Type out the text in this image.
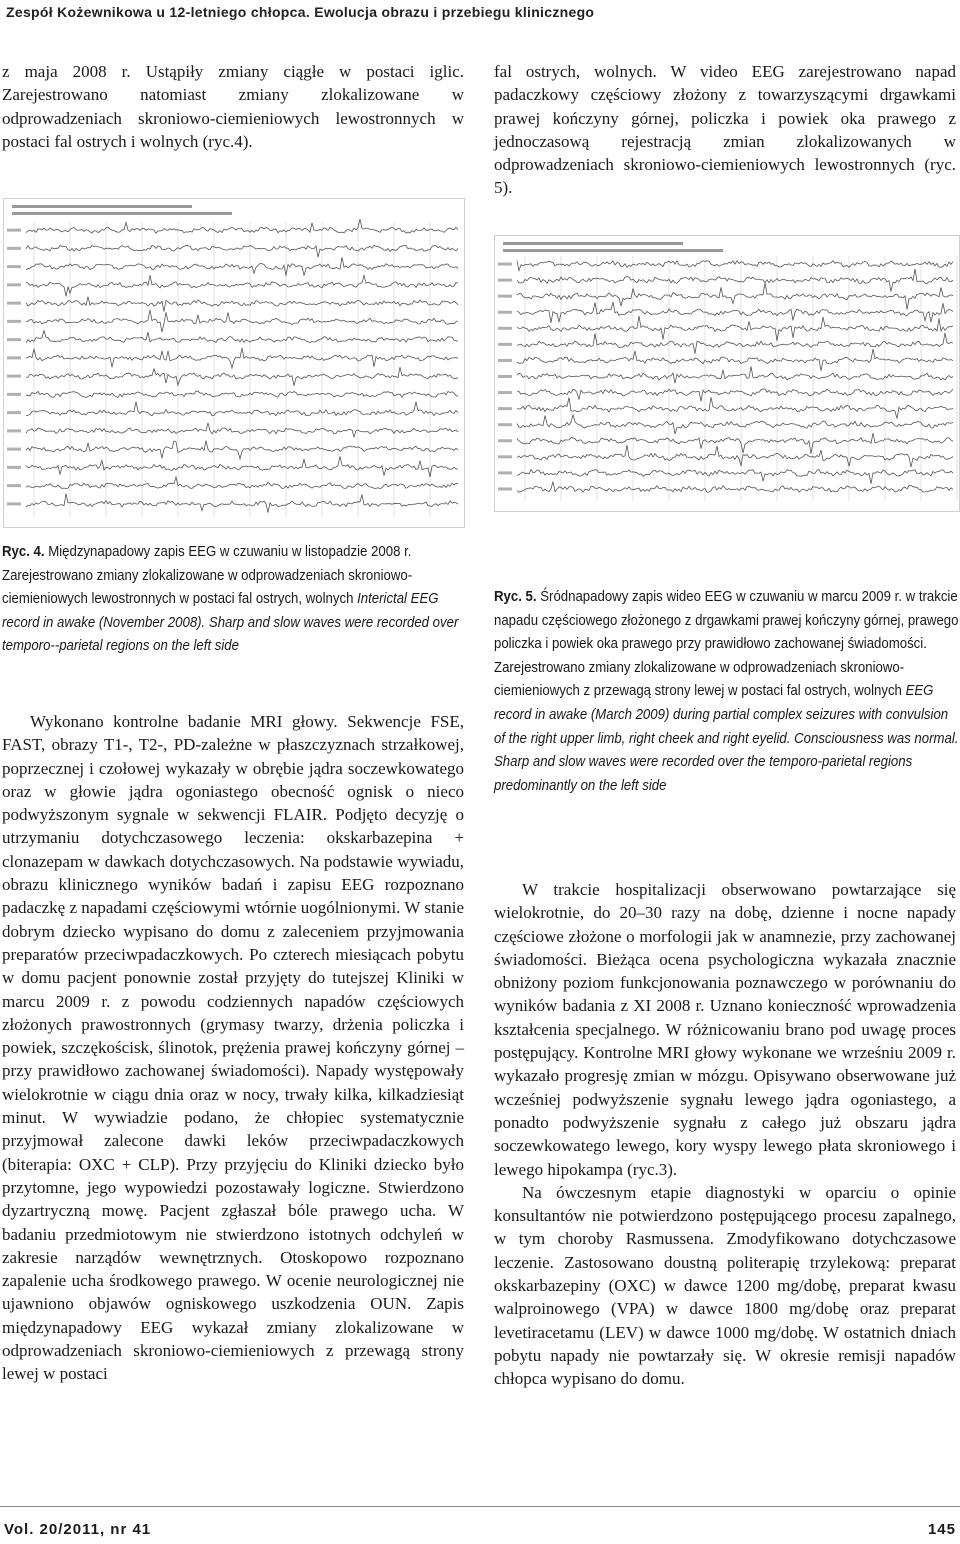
Zespół Kożewnikowa u 12-letniego chłopca. Ewolucja obrazu i przebiegu klinicznego

z maja 2008 r. Ustąpiły zmiany ciągłe w postaci iglic. Zarejestrowano natomiast zmiany zlokalizowane w odprowadzeniach skroniowo-ciemieniowych lewostronnych w postaci fal ostrych i wolnych (ryc.4).

Ryc. 4. Międzynapadowy zapis EEG w czuwaniu w listopadzie 2008 r. Zarejestrowano zmiany zlokalizowane w odprowadzeniach skroniowo-ciemieniowych lewostronnych w postaci fal ostrych, wolnych Interictal EEG record in awake (November 2008). Sharp and slow waves were recorded over temporo--parietal regions on the left side

Wykonano kontrolne badanie MRI głowy. Sekwencje FSE, FAST, obrazy T1-, T2-, PD-zależne w płaszczyznach strzałkowej, poprzecznej i czołowej wykazały w obrębie jądra soczewkowatego oraz w głowie jądra ogoniastego obecność ognisk o nieco podwyższonym sygnale w sekwencji FLAIR. Podjęto decyzję o utrzymaniu dotychczasowego leczenia: okskarbazepina + clonazepam w dawkach dotychczasowych. Na podstawie wywiadu, obrazu klinicznego wyników badań i zapisu EEG rozpoznano padaczkę z napadami częściowymi wtórnie uogólnionymi. W stanie dobrym dziecko wypisano do domu z zaleceniem przyjmowania preparatów przeciwpadaczkowych. Po czterech miesiącach pobytu w domu pacjent ponownie został przyjęty do tutejszej Kliniki w marcu 2009 r. z powodu codziennych napadów częściowych złożonych prawostronnych (grymasy twarzy, drżenia policzka i powiek, szczękościsk, ślinotok, prężenia prawej kończyny górnej – przy prawidłowo zachowanej świadomości). Napady występowały wielokrotnie w ciągu dnia oraz w nocy, trwały kilka, kilkadziesiąt minut. W wywiadzie podano, że chłopiec systematycznie przyjmował zalecone dawki leków przeciwpadaczkowych (biterapia: OXC + CLP). Przy przyjęciu do Kliniki dziecko było przytomne, jego wypowiedzi pozostawały logiczne. Stwierdzono dyzartryczną mowę. Pacjent zgłaszał bóle prawego ucha. W badaniu przedmiotowym nie stwierdzono istotnych odchyleń w zakresie narządów wewnętrznych. Otoskopowo rozpoznano zapalenie ucha środkowego prawego. W ocenie neurologicznej nie ujawniono objawów ogniskowego uszkodzenia OUN. Zapis międzynapadowy EEG wykazał zmiany zlokalizowane w odprowadzeniach skroniowo-ciemieniowych z przewagą strony lewej w postaci

fal ostrych, wolnych. W video EEG zarejestrowano napad padaczkowy częściowy złożony z towarzyszącymi drgawkami prawej kończyny górnej, policzka i powiek oka prawego z jednoczasową rejestracją zmian zlokalizowanych w odprowadzeniach skroniowo-ciemieniowych lewostronnych (ryc. 5).

Ryc. 5. Śródnapadowy zapis wideo EEG w czuwaniu w marcu 2009 r. w trakcie napadu częściowego złożonego z drgawkami prawej kończyny górnej, prawego policzka i powiek oka prawego przy prawidłowo zachowanej świadomości. Zarejestrowano zmiany zlokalizowane w odprowadzeniach skroniowo-ciemieniowych z przewagą strony lewej w postaci fal ostrych, wolnych EEG record in awake (March 2009) during partial complex seizures with convulsion of the right upper limb, right cheek and right eyelid. Consciousness was normal. Sharp and slow waves were recorded over the temporo-parietal regions predominantly on the left side

W trakcie hospitalizacji obserwowano powtarzające się wielokrotnie, do 20–30 razy na dobę, dzienne i nocne napady częściowe złożone o morfologii jak w anamnezie, przy zachowanej świadomości. Bieżąca ocena psychologiczna wykazała znacznie obniżony poziom funkcjonowania poznawczego w porównaniu do wyników badania z XI 2008 r. Uznano konieczność wprowadzenia kształcenia specjalnego. W różnicowaniu brano pod uwagę proces postępujący. Kontrolne MRI głowy wykonane we wrześniu 2009 r. wykazało progresję zmian w mózgu. Opisywano obserwowane już wcześniej podwyższenie sygnału lewego jądra ogoniastego, a ponadto podwyższenie sygnału z całego już obszaru jądra soczewkowatego lewego, kory wyspy lewego płata skroniowego i lewego hipokampa (ryc.3).

Na ówczesnym etapie diagnostyki w oparciu o opinie konsultantów nie potwierdzono postępującego procesu zapalnego, w tym choroby Rasmussena. Zmodyfikowano dotychczasowe leczenie. Zastosowano doustną politerapię trzylekową: preparat okskarbazepiny (OXC) w dawce 1200 mg/dobę, preparat kwasu walproinowego (VPA) w dawce 1800 mg/dobę oraz preparat levetiracetamu (LEV) w dawce 1000 mg/dobę. W ostatnich dniach pobytu napady nie powtarzały się. W okresie remisji napadów chłopca wypisano do domu.

Vol. 20/2011, nr 41	145
